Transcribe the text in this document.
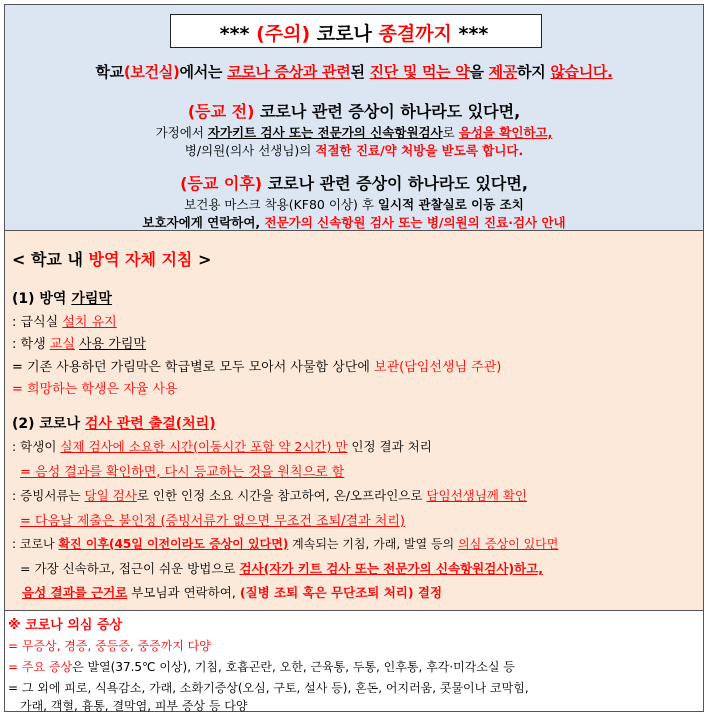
*** (주의) 코로나 종결까지 ***
학교(보건실)에서는 코로나 증상과 관련된 진단 및 먹는 약을 제공하지 않습니다.
(등교 전) 코로나 관련 증상이 하나라도 있다면,
가정에서 자가키트 검사 또는 전문가의 신속항원검사로 음성을 확인하고,
병/의원(의사 선생님)의 적절한 진료/약 처방을 받도록 합니다.
(등교 이후) 코로나 관련 증상이 하나라도 있다면,
보건용 마스크 착용(KF80 이상) 후 일시적 관찰실로 이동 조치
보호자에게 연락하여, 전문가의 신속항원 검사 또는 병/의원의 진료·검사 안내
< 학교 내 방역 자체 지침 >
(1) 방역 가림막
: 급식실 설치 유지
: 학생 교실 사용 가림막
= 기존 사용하던 가림막은 학급별로 모두 모아서 사물함 상단에 보관(담임선생님 주관)
= 희망하는 학생은 자율 사용
(2) 코로나 검사 관련 출결(처리)
: 학생이 실제 검사에 소요한 시간(이동시간 포함 약 2시간) 만 인정 결과 처리
= 음성 결과를 확인하면, 다시 등교하는 것을 원칙으로 함
: 증빙서류는 당일 검사로 인한 인정 소요 시간을 참고하여, 온/오프라인으로 담임선생님께 확인
= 다음날 제출은 불인정 (증빙서류가 없으면 무조건 조퇴/결과 처리)
: 코로나 확진 이후(45일 이전이라도 증상이 있다면) 계속되는 기침, 가래, 발열 등의 의심 증상이 있다면
= 가장 신속하고, 접근이 쉬운 방법으로 검사(자가 키트 검사 또는 전문가의 신속항원검사)하고,
음성 결과를 근거로 부모님과 연락하여, (질병 조퇴 혹은 무단조퇴 처리) 결정
※ 코로나 의심 증상
= 무증상, 경증, 중등증, 중증까지 다양
= 주요 증상은 발열(37.5℃ 이상), 기침, 호흡곤란, 오한, 근육통, 두통, 인후통, 후각·미각소실 등
= 그 외에 피로, 식욕감소, 가래, 소화기증상(오심, 구토, 설사 등), 혼돈, 어지러움, 콧물이나 코막힘,
가래, 객혈, 흉통, 결막염, 피부 증상 등 다양
